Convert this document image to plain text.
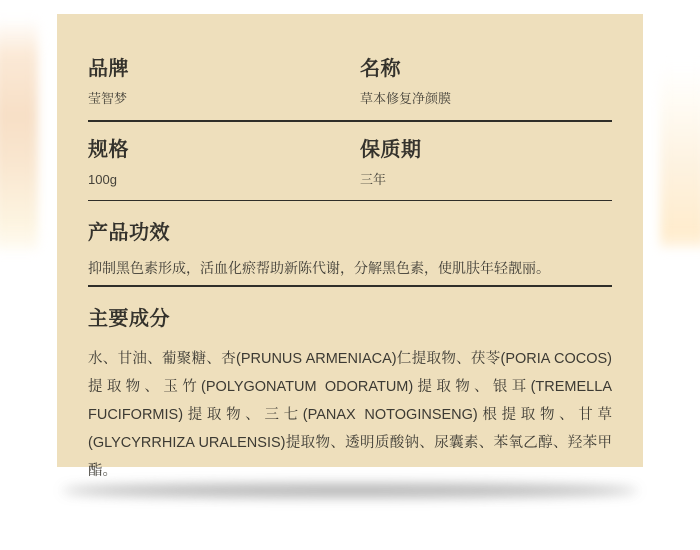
品牌
莹智梦
名称
草本修复净颜膜
规格
100g
保质期
三年
产品功效
抑制黑色素形成，活血化瘀帮助新陈代谢，分解黑色素，使肌肤年轻靓丽。
主要成分
水、甘油、葡聚糖、杏(PRUNUS ARMENIACA)仁提取物、茯苓(PORIA COCOS)提取物、玉竹(POLYGONATUM ODORATUM)提取物、银耳(TREMELLA FUCIFORMIS)提取物、三七(PANAX NOTOGINSENG)根提取物、甘草(GLYCYRRHIZA URALENSIS)提取物、透明质酸钠、尿囊素、苯氧乙醇、羟苯甲酯。
